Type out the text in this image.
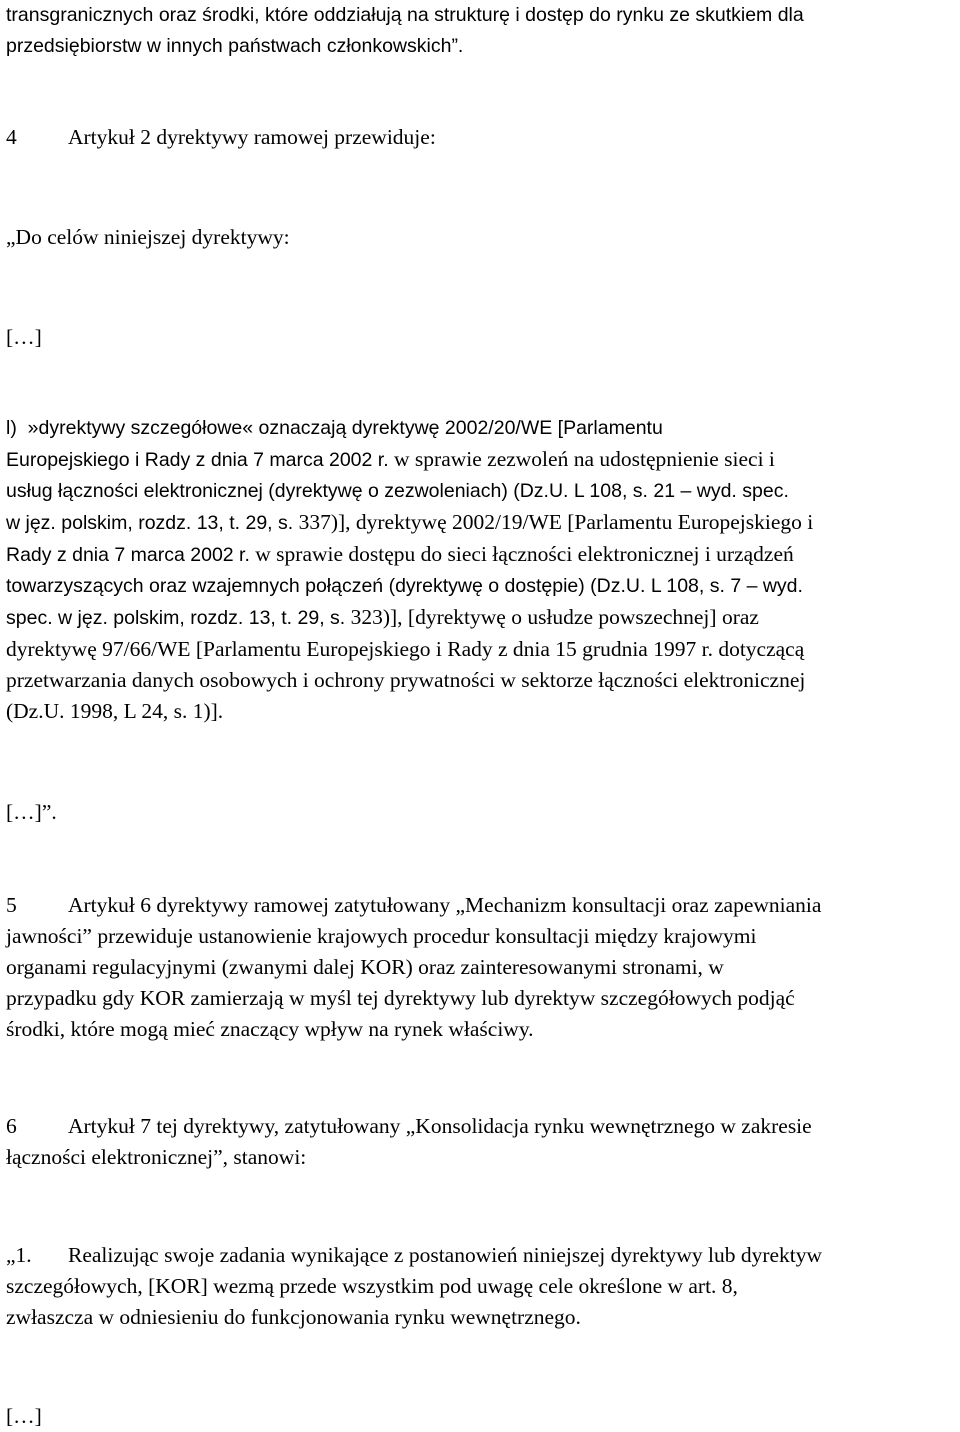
transgranicznych oraz środki, które oddziałują na strukturę i dostęp do rynku ze skutkiem dla
przedsiębiorstw w innych państwach członkowskich”.
4 Artykuł 2 dyrektywy ramowej przewiduje:
„Do celów niniejszej dyrektywy:
[…]
l)  »dyrektywy szczegółowe« oznaczają dyrektywę 2002/20/WE [Parlamentu
Europejskiego i Rady z dnia 7 marca 2002 r. w sprawie zezwoleń na udostępnienie sieci i
usług łączności elektronicznej (dyrektywę o zezwoleniach) (Dz.U. L 108, s. 21 – wyd. spec.
w jęz. polskim, rozdz. 13, t. 29, s. 337)], dyrektywę 2002/19/WE [Parlamentu Europejskiego i
Rady z dnia 7 marca 2002 r. w sprawie dostępu do sieci łączności elektronicznej i urządzeń
towarzyszących oraz wzajemnych połączeń (dyrektywę o dostępie) (Dz.U. L 108, s. 7 – wyd.
spec. w jęz. polskim, rozdz. 13, t. 29, s. 323)], [dyrektywę o usłudze powszechnej] oraz
dyrektywę 97/66/WE [Parlamentu Europejskiego i Rady z dnia 15 grudnia 1997 r. dotyczącą
przetwarzania danych osobowych i ochrony prywatności w sektorze łączności elektronicznej
(Dz.U. 1998, L 24, s. 1)].
[…]”.
5 Artykuł 6 dyrektywy ramowej zatytułowany „Mechanizm konsultacji oraz zapewniania
jawności” przewiduje ustanowienie krajowych procedur konsultacji między krajowymi
organami regulacyjnymi (zwanymi dalej KOR) oraz zainteresowanymi stronami, w
przypadku gdy KOR zamierzają w myśl tej dyrektywy lub dyrektyw szczegółowych podjąć
środki, które mogą mieć znaczący wpływ na rynek właściwy.
6 Artykuł 7 tej dyrektywy, zatytułowany „Konsolidacja rynku wewnętrznego w zakresie
łączności elektronicznej”, stanowi:
„1. Realizując swoje zadania wynikające z postanowień niniejszej dyrektywy lub dyrektyw
szczegółowych, [KOR] wezmą przede wszystkim pod uwagę cele określone w art. 8,
zwłaszcza w odniesieniu do funkcjonowania rynku wewnętrznego.
[…]
